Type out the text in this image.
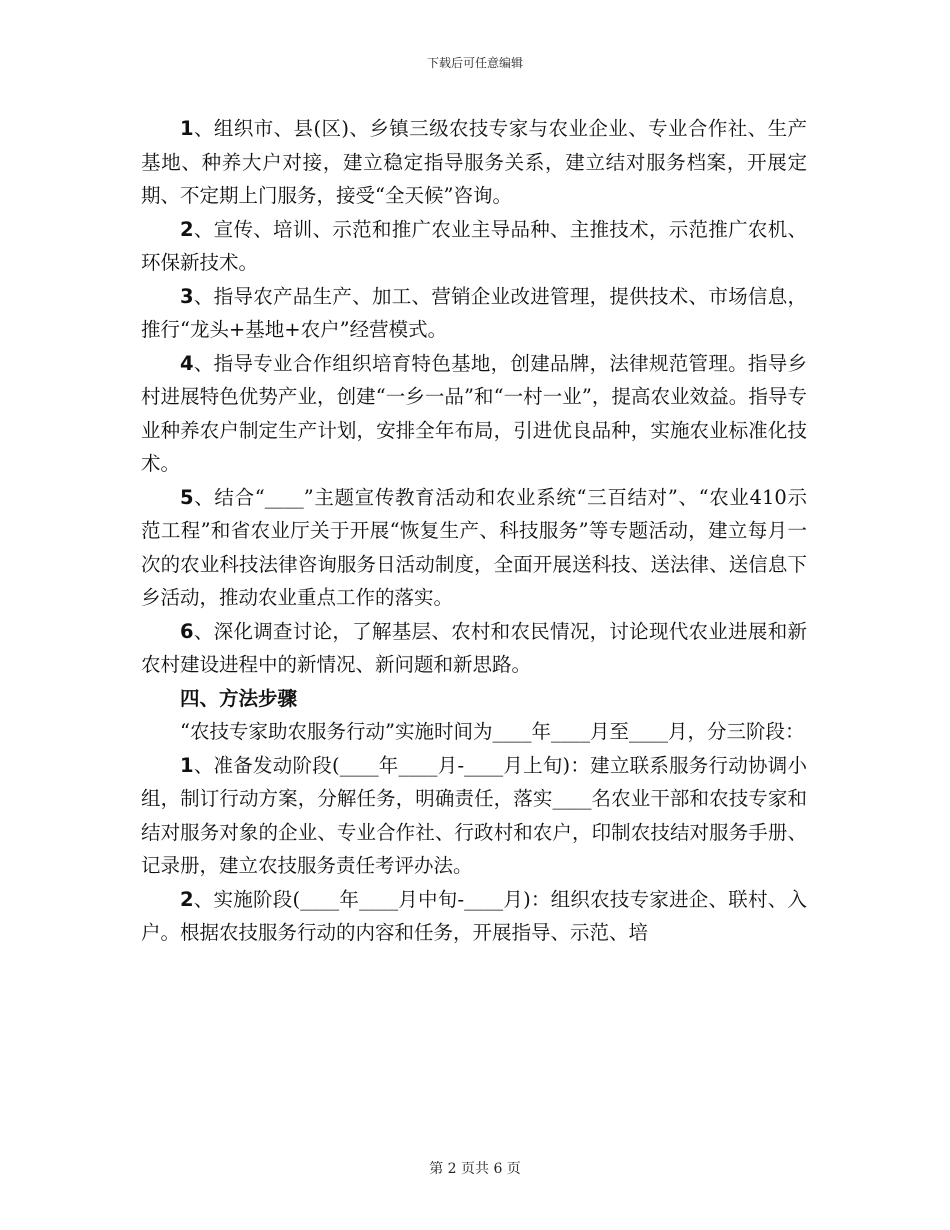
下载后可任意编辑

1、组织市、县(区)、乡镇三级农技专家与农业企业、专业合作社、生产基地、种养大户对接，建立稳定指导服务关系，建立结对服务档案，开展定期、不定期上门服务，接受“全天候”咨询。

2、宣传、培训、示范和推广农业主导品种、主推技术，示范推广农机、环保新技术。

3、指导农产品生产、加工、营销企业改进管理，提供技术、市场信息，推行“龙头+基地+农户”经营模式。

4、指导专业合作组织培育特色基地，创建品牌，法律规范管理。指导乡村进展特色优势产业，创建“一乡一品”和“一村一业”，提高农业效益。指导专业种养农户制定生产计划，安排全年布局，引进优良品种，实施农业标准化技术。

5、结合“____”主题宣传教育活动和农业系统“三百结对”、“农业410示范工程”和省农业厅关于开展“恢复生产、科技服务”等专题活动，建立每月一次的农业科技法律咨询服务日活动制度，全面开展送科技、送法律、送信息下乡活动，推动农业重点工作的落实。

6、深化调查讨论，了解基层、农村和农民情况，讨论现代农业进展和新农村建设进程中的新情况、新问题和新思路。

四、方法步骤

“农技专家助农服务行动”实施时间为____年____月至____月，分三阶段：

1、准备发动阶段(____年____月-____月上旬)：建立联系服务行动协调小组，制订行动方案，分解任务，明确责任，落实____名农业干部和农技专家和结对服务对象的企业、专业合作社、行政村和农户，印制农技结对服务手册、记录册，建立农技服务责任考评办法。

2、实施阶段(____年____月中旬-____月)：组织农技专家进企、联村、入户。根据农技服务行动的内容和任务，开展指导、示范、培

第 2 页共 6 页
